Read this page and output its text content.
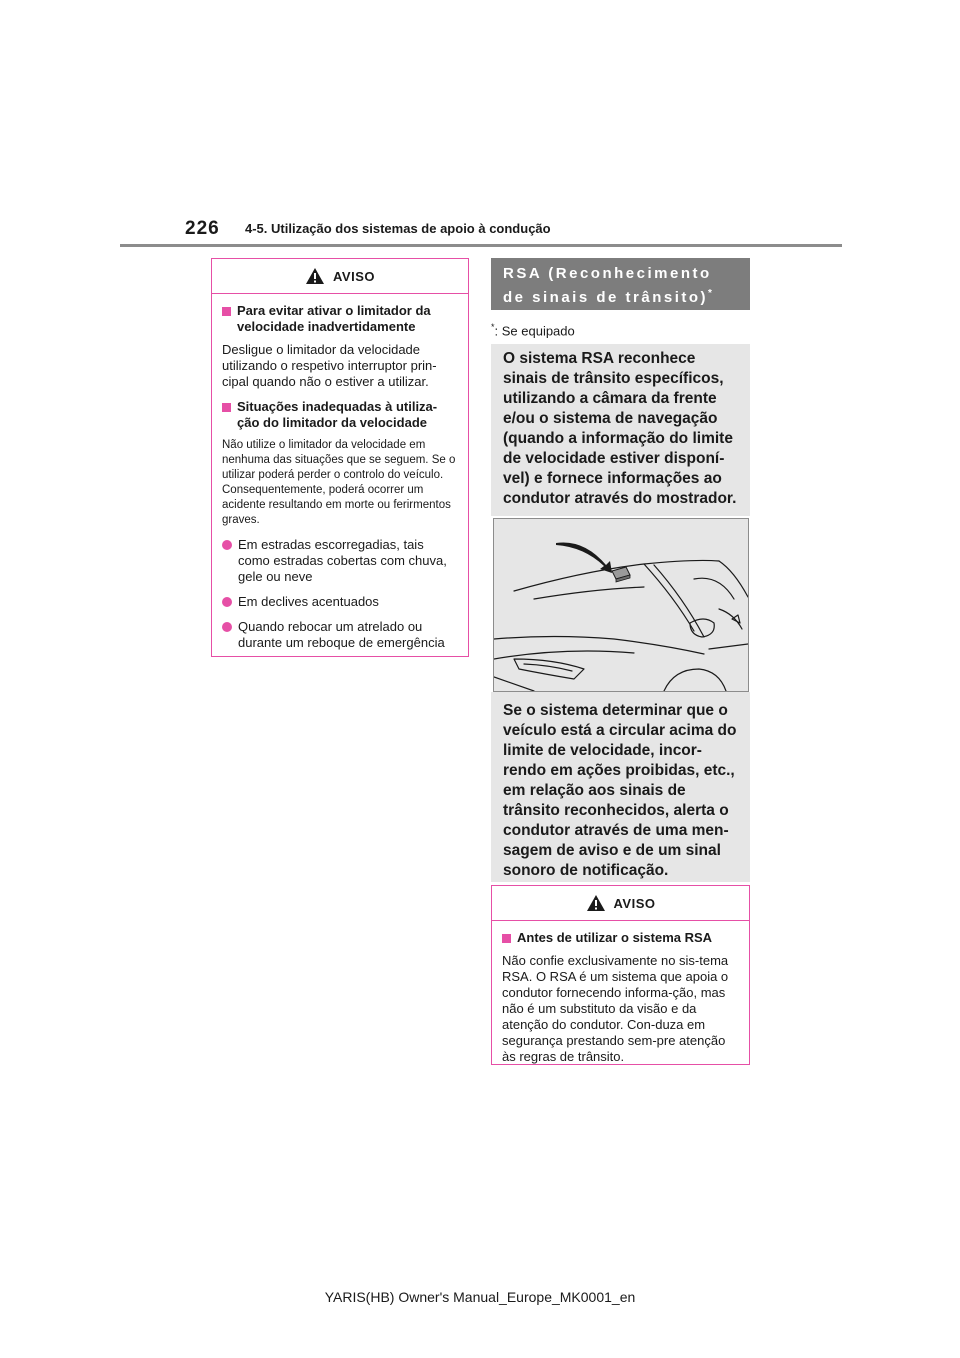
226 4-5. Utilização dos sistemas de apoio à condução
AVISO
Para evitar ativar o limitador da velocidade inadvertidamente
Desligue o limitador da velocidade utilizando o respetivo interruptor prin-cipal quando não o estiver a utilizar.
Situações inadequadas à utiliza-ção do limitador da velocidade
Não utilize o limitador da velocidade em nenhuma das situações que se seguem. Se o utilizar poderá perder o controlo do veículo. Consequentemente, poderá ocorrer um acidente resultando em morte ou ferirmentos graves.
Em estradas escorregadias, tais como estradas cobertas com chuva, gele ou neve
Em declives acentuados
Quando rebocar um atrelado ou durante um reboque de emergência
RSA (Reconhecimento de sinais de trânsito)*
*: Se equipado
O sistema RSA reconhece sinais de trânsito específicos, utilizando a câmara da frente e/ou o sistema de navegação (quando a informação do limite de velocidade estiver disponí-vel) e fornece informações ao condutor através do mostrador.
Se o sistema determinar que o veículo está a circular acima do limite de velocidade, incor-rendo em ações proibidas, etc., em relação aos sinais de trânsito reconhecidos, alerta o condutor através de uma men-sagem de aviso e de um sinal sonoro de notificação.
AVISO
Antes de utilizar o sistema RSA
Não confie exclusivamente no sis-tema RSA. O RSA é um sistema que apoia o condutor fornecendo informa-ção, mas não é um substituto da visão e da atenção do condutor. Con-duza em segurança prestando sem-pre atenção às regras de trânsito.
YARIS(HB) Owner's Manual_Europe_MK0001_en
